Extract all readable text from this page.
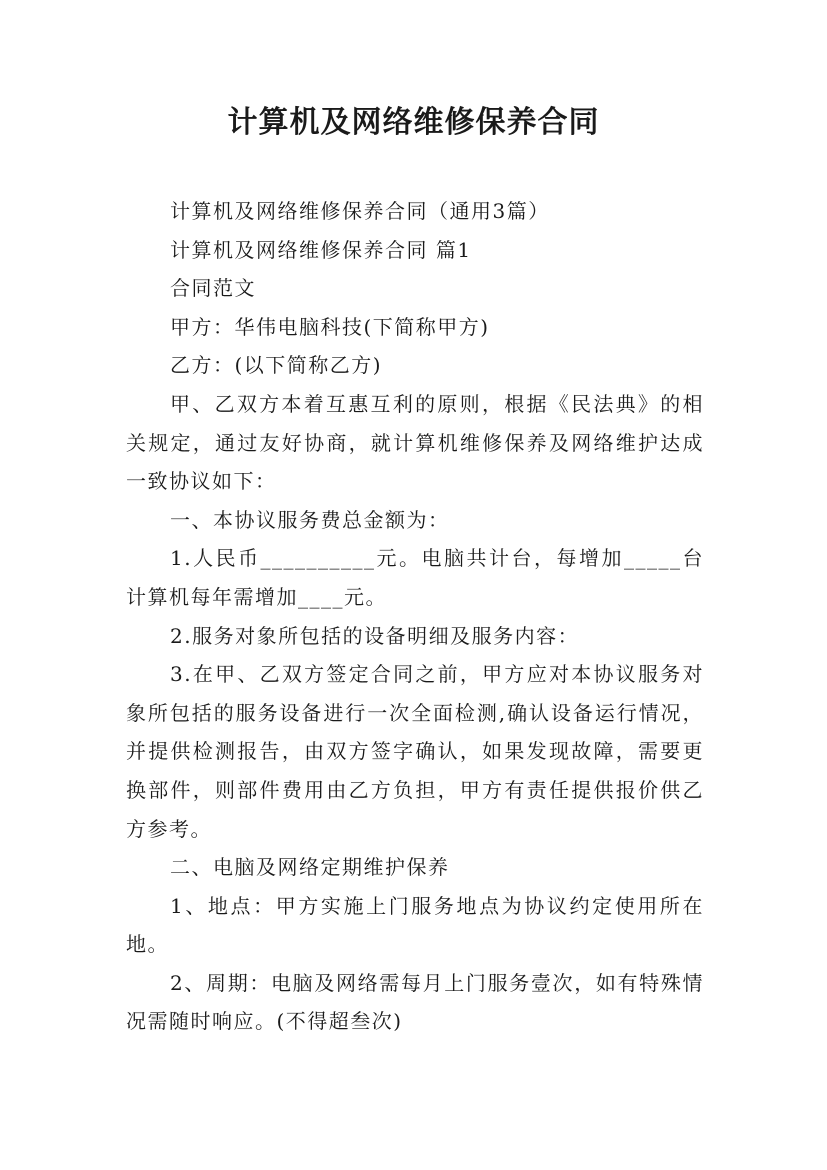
计算机及网络维修保养合同

计算机及网络维修保养合同（通用3篇）

计算机及网络维修保养合同 篇1

合同范文

甲方：华伟电脑科技(下简称甲方)

乙方：(以下简称乙方)

甲、乙双方本着互惠互利的原则，根据《民法典》的相关规定，通过友好协商，就计算机维修保养及网络维护达成一致协议如下：

一、本协议服务费总金额为：

1.人民币__________元。电脑共计台，每增加_____台计算机每年需增加____元。

2.服务对象所包括的设备明细及服务内容：

3.在甲、乙双方签定合同之前，甲方应对本协议服务对象所包括的服务设备进行一次全面检测,确认设备运行情况，并提供检测报告，由双方签字确认，如果发现故障，需要更换部件，则部件费用由乙方负担，甲方有责任提供报价供乙方参考。

二、电脑及网络定期维护保养

1、地点：甲方实施上门服务地点为协议约定使用所在地。

2、周期：电脑及网络需每月上门服务壹次，如有特殊情况需随时响应。(不得超叁次)
